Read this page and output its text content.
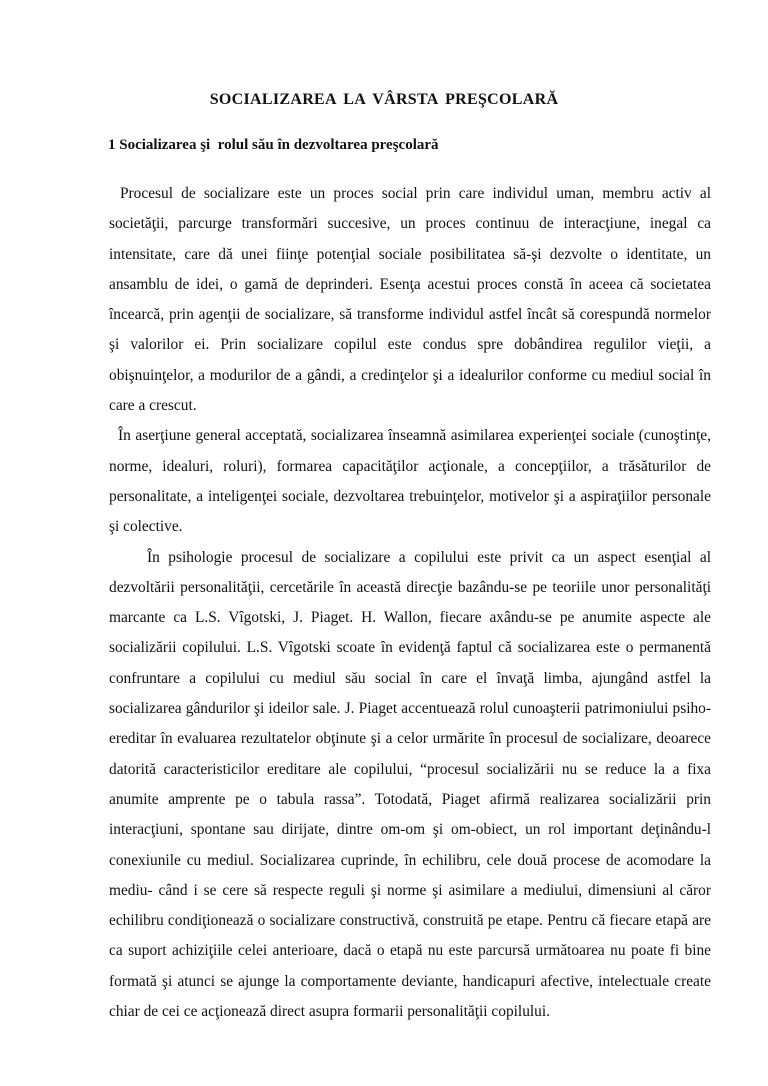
SOCIALIZAREA LA VÂRSTA PREŞCOLARĂ
1 Socializarea şi  rolul său în dezvoltarea preşcolară

Procesul de socializare este un proces social prin care individul uman, membru activ al societăţii, parcurge transformări succesive, un proces continuu de interacţiune, inegal ca intensitate, care dă unei fiinţe potenţial sociale posibilitatea să-şi dezvolte o identitate, un ansamblu de idei, o gamă de deprinderi. Esenţa acestui proces constă în aceea că societatea încearcă, prin agenţii de socializare, să transforme individul astfel încât să corespundă normelor şi valorilor ei. Prin socializare copilul este condus spre dobândirea regulilor vieţii, a obişnuinţelor, a modurilor de a gândi, a credinţelor şi a idealurilor conforme cu mediul social în care a crescut.

În aserţiune general acceptată, socializarea înseamnă asimilarea experienţei sociale (cunoştinţe, norme, idealuri, roluri), formarea capacităţilor acţionale, a concepţiilor, a trăsăturilor de personalitate, a inteligenţei sociale, dezvoltarea trebuinţelor, motivelor şi a aspiraţiilor personale şi colective.

În psihologie procesul de socializare a copilului este privit ca un aspect esenţial al dezvoltării personalităţii, cercetările în această direcţie bazându-se pe teoriile unor personalităţi marcante ca L.S. Vîgotski, J. Piaget. H. Wallon, fiecare axându-se pe anumite aspecte ale socializării copilului. L.S. Vîgotski scoate în evidenţă faptul că socializarea este o permanentă confruntare a copilului cu mediul său social în care el învaţă limba, ajungând astfel la socializarea gândurilor şi ideilor sale. J. Piaget accentuează rolul cunoaşterii patrimoniului psiho-ereditar în evaluarea rezultatelor obţinute şi a celor urmărite în procesul de socializare, deoarece datorită caracteristicilor ereditare ale copilului, “procesul socializării nu se reduce la a fixa anumite amprente pe o tabula rassa”. Totodată, Piaget afirmă realizarea socializării prin interacţiuni, spontane sau dirijate, dintre om-om şi om-obiect, un rol important deţinându-l conexiunile cu mediul. Socializarea cuprinde, în echilibru, cele două procese de acomodare la mediu- când i se cere să respecte reguli şi norme şi asimilare a mediului, dimensiuni al căror echilibru condiţionează o socializare constructivă, construită pe etape. Pentru că fiecare etapă are ca suport achiziţiile celei anterioare, dacă o etapă nu este parcursă următoarea nu poate fi bine formată şi atunci se ajunge la comportamente deviante, handicapuri afective, intelectuale create chiar de cei ce acţionează direct asupra formarii personalităţii copilului.
